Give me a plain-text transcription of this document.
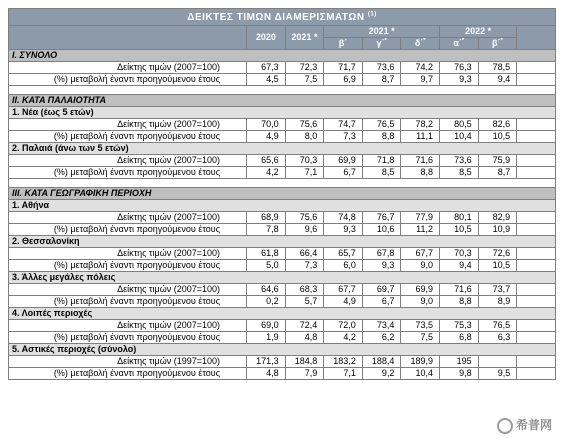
ΔΕΙΚΤΕΣ ΤΙΜΩΝ ΔΙΑΜΕΡΙΣΜΑΤΩΝ $^{(1)}$
	2020	2021 *	2021 *			2022 *		
			β΄	γ΄*	δ΄*	α΄*	β΄*
I. ΣΥΝΟΛΟ								
Δείκτης τιμών (2007=100)	67,3	72,3	71,7	73,6	74,2	76,3	78,5	
(%) μεταβολή έναντι προηγούμενου έτους	4,5	7,5	6,9	8,7	9,7	9,3	9,4	

II. ΚΑΤΑ ΠΑΛΑΙΟΤΗΤΑ								
1. Νέα (έως 5 ετών)								
Δείκτης τιμών (2007=100)	70,0	75,6	74,7	76,5	78,2	80,5	82,6	
(%) μεταβολή έναντι προηγούμενου έτους	4,9	8,0	7,3	8,8	11,1	10,4	10,5	
2. Παλαιά (άνω των 5 ετών)								
Δείκτης τιμών (2007=100)	65,6	70,3	69,9	71,8	71,6	73,6	75,9	
(%) μεταβολή έναντι προηγούμενου έτους	4,2	7,1	6,7	8,5	8,8	8,5	8,7	

III. ΚΑΤΑ ΓΕΩΓΡΑΦΙΚΗ ΠΕΡΙΟΧΗ								
1. Αθήνα								
Δείκτης τιμών (2007=100)	68,9	75,6	74,8	76,7	77,9	80,1	82,9	
(%) μεταβολή έναντι προηγούμενου έτους	7,8	9,6	9,3	10,6	11,2	10,5	10,9	
2. Θεσσαλονίκη								
Δείκτης τιμών (2007=100)	61,8	66,4	65,7	67,8	67,7	70,3	72,6	
(%) μεταβολή έναντι προηγούμενου έτους	5,0	7,3	6,0	9,3	9,0	9,4	10,5	
3. Άλλες μεγάλες πόλεις								
Δείκτης τιμών (2007=100)	64,6	68,3	67,7	69,7	69,9	71,6	73,7	
(%) μεταβολή έναντι προηγούμενου έτους	0,2	5,7	4,9	6,7	9,0	8,8	8,9	
4. Λοιπές περιοχές								
Δείκτης τιμών (2007=100)	69,0	72,4	72,0	73,4	73,5	75,3	76,5	
(%) μεταβολή έναντι προηγούμενου έτους	1,9	4,8	4,2	6,2	7,5	6,8	6,3	
5. Αστικές περιοχές (σύνολο)								
Δείκτης τιμών (1997=100)	171,3	184,8	183,2	188,4	189,9	195		
(%) μεταβολή έναντι προηγούμενου έτους	4,8	7,9	7,1	9,2	10,4	9,8	9,5	
希普网
